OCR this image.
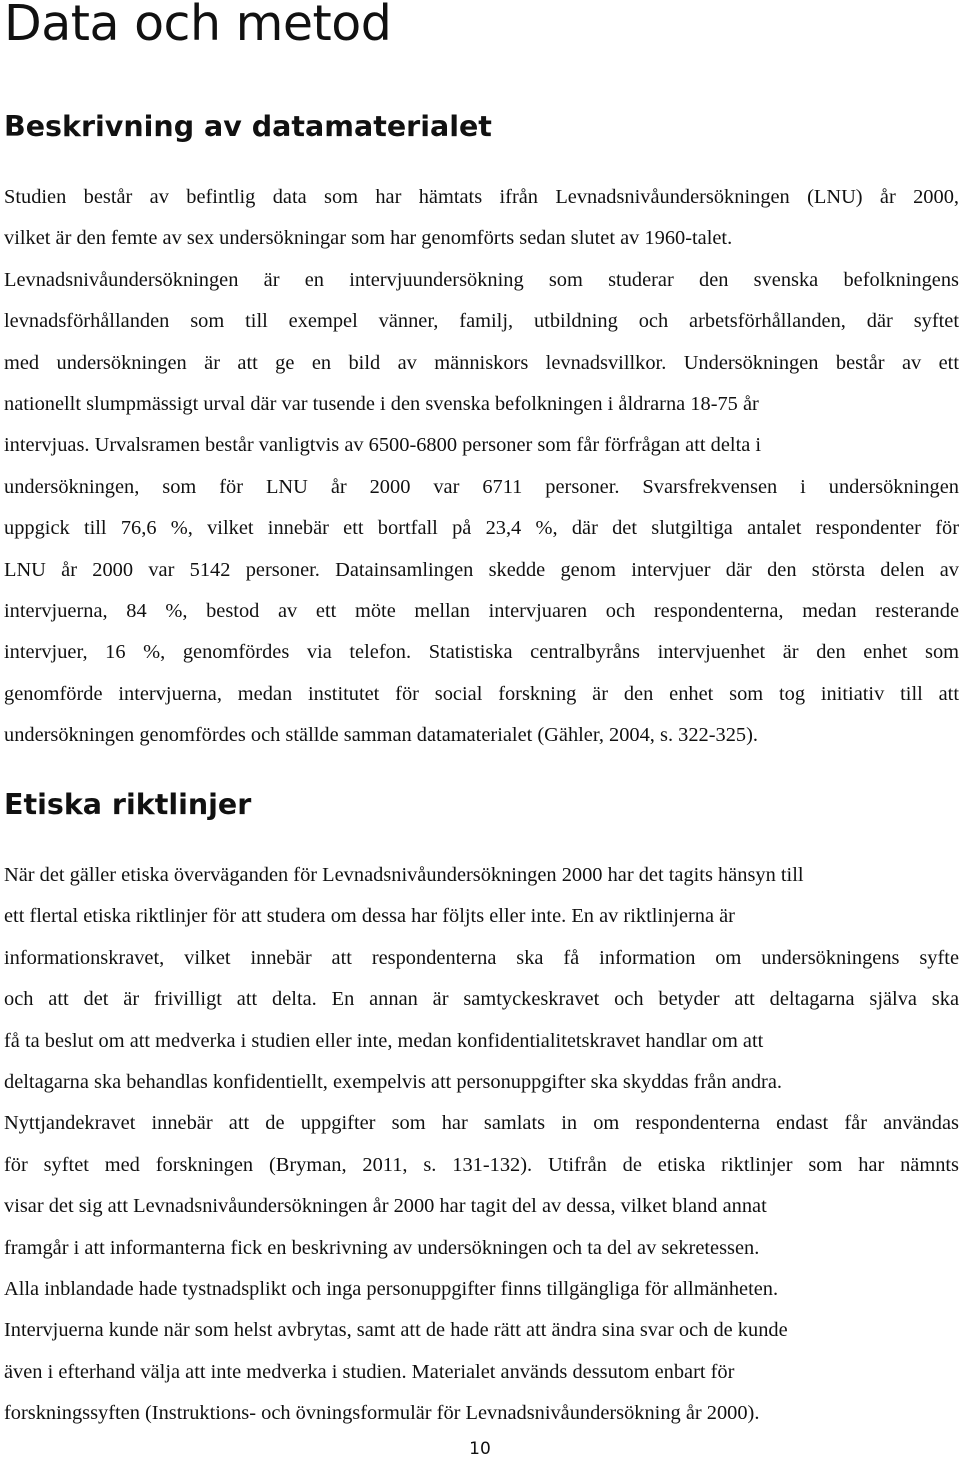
Data och metod
Beskrivning av datamaterialet
Studien består av befintlig data som har hämtats ifrån Levnadsnivåundersökningen (LNU) år 2000,
vilket är den femte av sex undersökningar som har genomförts sedan slutet av 1960-talet.
Levnadsnivåundersökningen är en intervjuundersökning som studerar den svenska befolkningens
levnadsförhållanden som till exempel vänner, familj, utbildning och arbetsförhållanden, där syftet
med undersökningen är att ge en bild av människors levnadsvillkor. Undersökningen består av ett
nationellt slumpmässigt urval där var tusende i den svenska befolkningen i åldrarna 18-75 år
intervjuas. Urvalsramen består vanligtvis av 6500-6800 personer som får förfrågan att delta i
undersökningen, som för LNU år 2000 var 6711 personer. Svarsfrekvensen i undersökningen
uppgick till 76,6 %, vilket innebär ett bortfall på 23,4 %, där det slutgiltiga antalet respondenter för
LNU år 2000 var 5142 personer. Datainsamlingen skedde genom intervjuer där den största delen av
intervjuerna, 84 %, bestod av ett möte mellan intervjuaren och respondenterna, medan resterande
intervjuer, 16 %, genomfördes via telefon. Statistiska centralbyråns intervjuenhet är den enhet som
genomförde intervjuerna, medan institutet för social forskning är den enhet som tog initiativ till att
undersökningen genomfördes och ställde samman datamaterialet (Gähler, 2004, s. 322-325).
Etiska riktlinjer
När det gäller etiska överväganden för Levnadsnivåundersökningen 2000 har det tagits hänsyn till
ett flertal etiska riktlinjer för att studera om dessa har följts eller inte. En av riktlinjerna är
informationskravet, vilket innebär att respondenterna ska få information om undersökningens syfte
och att det är frivilligt att delta. En annan är samtyckeskravet och betyder att deltagarna själva ska
få ta beslut om att medverka i studien eller inte, medan konfidentialitetskravet handlar om att
deltagarna ska behandlas konfidentiellt, exempelvis att personuppgifter ska skyddas från andra.
Nyttjandekravet innebär att de uppgifter som har samlats in om respondenterna endast får användas
för syftet med forskningen (Bryman, 2011, s. 131-132). Utifrån de etiska riktlinjer som har nämnts
visar det sig att Levnadsnivåundersökningen år 2000 har tagit del av dessa, vilket bland annat
framgår i att informanterna fick en beskrivning av undersökningen och ta del av sekretessen.
Alla inblandade hade tystnadsplikt och inga personuppgifter finns tillgängliga för allmänheten.
Intervjuerna kunde när som helst avbrytas, samt att de hade rätt att ändra sina svar och de kunde
även i efterhand välja att inte medverka i studien. Materialet används dessutom enbart för
forskningssyften (Instruktions- och övningsformulär för Levnadsnivåundersökning år 2000).
10
